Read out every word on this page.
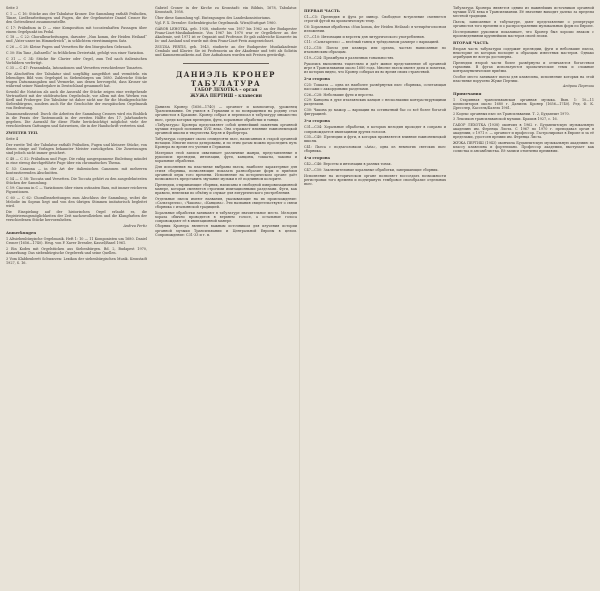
Seite 3

C 1 — C 16: Stücke aus der Tabulatur Kroner. Die Sammlung enthält Präludien, Tänze, Liedbearbeitungen und Fugen, die der Orgelmeister Daniel Croner für den Gottesdienst zusammenstellte.

C 17: Präludium in D — eine Komposition mit toccatenhaften Passagen über einem Orgelpunkt im Pedal.

C 18 — C 22: Choralbearbeitungen, darunter „Nun komm, der Heiden Heiland“ und „Vater unser im Himmelreich“, in schlichtem vierstimmigem Satz.

C 26 — C 28: Kleine Fugen und Versetten für den liturgischen Gebrauch.

C 30: Ein Tanz „Saltarello“ in fröhlichem Dreiertakt, gefolgt von einer Variation.

C 31 — C 34: Stücke für Clavier oder Orgel, zum Teil nach italienischen Vorbildern verfertigt.

C 35 — C 47: Praeambula, Intonationen und Versetten verschiedener Tonarten.

Die Abschriften der Tabulatur sind sorgfältig ausgeführt und vermitteln ein lebendiges Bild vom Orgelspiel in Siebenbürgen um 1680. Zahlreiche Stücke tragen Datumsangaben und Vermerke, aus denen hervorgeht, dass Kroner sie während seiner Wanderjahre in Deutschland gesammelt hat.

Sowohl die Notation als auch die Auswahl der Stücke zeigen eine weitgehende Vertrautheit mit der süddeutschen Orgelschule, vor allem mit den Werken von Kerll und Froberger. Die Tabulatur ist daher nicht nur für die Musikgeschichte Siebenbürgens, sondern auch für die Geschichte der europäischen Orgelmusik von Bedeutung.

Zusammenfassend: Durch die Arbeiten der Sammlung Croners wird ein Einblick in die Praxis der Tastenmusik in der zweiten Hälfte des 17. Jahrhunderts gegeben. Die Auswahl für diese Platte berücksichtigt möglichst viele der verschiedenen Gattungen und Satzweisen, die in der Handschrift vertreten sind.

ZWEITER TEIL

Seite 4

Der zweite Teil der Tabulatur enthält Präludien, Fugen und kleinere Stücke, von denen einige auf Vorlagen bekannter Meister zurückgehen. Die Zuweisungen sind jedoch nicht immer gesichert.

C 48 — C 52: Präludium und Fuge. Die ruhig ausgesponnene Einleitung mündet in eine streng durchgeführte Fuge über ein chromatisches Thema.

C 53: Canzona — in der Art der italienischen Canzonen mit mehreren kontrastierenden Abschnitten.

C 54 — C 58: Toccata und Versetten. Die Toccata gehört zu den ausgedehntesten Stücken der Sammlung.

C 59: Ciacona in C — Variationen über einen ostinaten Bass, mit immer reicheren Figurationen.

C 60 — C 62: Choralbearbeitungen zum Abschluss der Sammlung, wobei die Melodie im Sopran liegt und von den übrigen Stimmen imitatorisch begleitet wird.

Die Einspielung auf der historischen Orgel erlaubt es, die Registrierungsmöglichkeiten der Zeit nachzuvollziehen und die Klangfarben der verschiedenen Stücke hervorzuheben.

Andrea Pertiz

Anmerkungen

1 Altsiebenbürgische Orgelmusik. Heft 1: 10 — 11 Komponisten um 1680. Daniel Croner (1656—1740). Hrsg. von F. Xaver Dressler, Kassel/Basel 1961.

2 Ein Kodex mit Orgelstücken aus Siebenbürgen. Bd. 2, Budapest 1970, Anmerkung: Das siebenbürgische Orgelwerk und seine Quellen.

3 Vom Klabbenbrett Schwarzen: Lexikon der siebenbürgischen Musik. Kronstadt 1927, S. 16.

Gabriel Croner in der Kirche zu Kronstadt: ein Bildnis, 1678, Tabulatur. Kronstadt, 1958.

Über diese Sammlung vgl. Eintragungen des Landeskonsistoriums.

Vgl. F. X. Dressler: Siebenbürgische Orgelmusik. Wien/Stuttgart 1960.

GÁBOR LEHOTKA, geb. 1938, studierte von 1957 bis 1962 an der Budapester Franz-Liszt-Musikakademie. Von 1967 bis 1970 war er Orgellehrer an der Akademie, seit 1971 ist er Organist und Professor. Er gab zahlreiche Konzerte im In- und Ausland und wurde mit dem Franz-Liszt-Preis ausgezeichnet.

ZSUZSA PERTIS, geb. 1943, studierte an der Budapester Musikakademie Cembalo und Klavier. Sie ist Professorin an der Akademie und tritt als Solistin und Kammermusikerin auf. Ihre Aufnahmen wurden mit Preisen gewürdigt.

ДАНИЭЛЬ КРОНЕР
ТАБУЛАТУРА
ГАБОР ЛЕХОТКА – орган
ЖУЖА ПЕРТИШ – клавесин

Даниэль Кронер (1656—1740) — органист и композитор, уроженец Трансильвании. Он учился в Германии и по возвращении на родину стал органистом в Брашове. Кронер собрал и переписал в табулатуру множество пьес, среди которых прелюдии, фуги, хоральные обработки и танцы.

«Табулатура» Кронера представляет собой ценнейший памятник органной музыки второй половины XVII века. Она отражает влияние южнонемецкой органной школы и творчества Керля и Фробергера.

Табулатура содержит около семидесяти пьес, написанных в старой органной нотации. Многие пьесы датированы, и по этим датам можно проследить путь Кронера во время его учения в Германии.

Материал этой записи охватывает различные жанры, представленные в рукописи: прелюдии, интонации, фуги, канцоны, токкаты, чаконы и хоральные обработки.

Для исполнения на пластинке выбраны пьесы, наиболее характерные для стиля сборника, позволяющие показать разнообразие форм и приёмов органной игры того времени. Исполнение на историческом органе даёт возможность представить звучание музыки в её подлинном колорите.

Прелюдии, открывающие сборник, написаны в свободной импровизационной манере, которая сменяется строгими имитационными разделами. Фуги, как правило, невелики по объёму и служат для литургического употребления.

Отдельные пьесы имеют названия, указывающие на их происхождение: «Сальтарелло», «Чакона», «Канцона». Эти названия свидетельствуют о связи сборника с итальянской традицией.

Хоральные обработки занимают в табулатуре значительное место. Мелодия хорала обычно проводится в верхнем голосе, а остальные голоса сопровождают её в имитационной манере.

Сборник Кронера является важным источником для изучения истории органной музыки Трансильвании и Центральной Европы в целом. Сопровождение: С31-33 и т. п.

ПЕРВАЯ ЧАСТЬ

С1—С5: Прелюдия и фуга ре минор. Свободное вступление сменяется строгой фугой на хроматическую тему.

С6: Хоральная обработка «Nun komm, der Heiden Heiland» в четырёхголосном изложении.

С7—С10: Интонации и версеты для литургического употребления.

С11: «Сальтарелло» — весёлый танец в трёхдольном размере с вариацией.

С12—С18: Пьесы для клавира или органа, частью написанные по итальянским образцам.

С19—С24: Преамбулы в различных тональностях.

Рукопись выполнена тщательно и даёт живое представление об органной игре в Трансильвании около 1680 года. Многие пьесы имеют даты и пометки, из которых видно, что Кронер собирал их во время своих странствий.

2-я сторона

С25: Токката — одна из наиболее развёрнутых пьес сборника, сочетающая пассажи с аккордовыми разделами.

С26—С28: Небольшие фуги и версеты.

С29: Канцона в духе итальянских канцон с несколькими контрастирующими разделами.

С30: Чакона до мажор — вариации на остинатный бас со всё более богатой фигурацией.

3-я сторона

С31—С34: Хоральные обработки, в которых мелодия проходит в сопрано и сопровождается имитациями других голосов.

С35—С40: Прелюдии и фуги, в которых проявляется влияние южнонемецкой школы.

С41: Пьеса с подзаголовком «Aria», одна из немногих светских пьес сборника.

4-я сторона

С42—С46: Версеты и интонации в разных тонах.

С47—С50: Заключительные хоральные обработки, завершающие сборник.

Исполнение на историческом органе позволяет воссоздать возможности регистровки того времени и подчеркнуть тембровое своеобразие отдельных пьес.

Табулатура Кронера является одним из важнейших источников органной музыки XVII века в Трансильвании. Её значение выходит далеко за пределы местной традиции.

Пьесы, записанные в табулатуре, дают представление о репертуаре органистов того времени и о распространении музыкальных форм по Европе.

Исследование рукописи показывает, что Кронер был хорошо знаком с произведениями крупнейших мастеров своей эпохи.

ВТОРАЯ ЧАСТЬ

Вторая часть табулатуры содержит прелюдии, фуги и небольшие пьесы, некоторые из которых восходят к образцам известных мастеров. Однако атрибуция не всегда достоверна.

Прелюдии второй части более развёрнуты и отличаются богатством гармонии. В фугах используются хроматические темы и сложные контрапунктические приёмы.

Особое место занимают пьесы для клавесина, исполнение которых на этой пластинке поручено Жуже Пертиш.

Андраш Пертиш

Примечания

1 Старинная трансильванская органная музыка. Вып. 1: 10—11 композиторов около 1680 г. Даниэль Кронер (1656—1740). Ред. Ф. К. Дресслер, Кассель/Базель 1961.

2 Кодекс органных пьес из Трансильвании. Т. 2, Будапешт 1970.

3 Лексикон трансильванской музыки. Брашов 1927, с. 16.

ГАБОР ЛЕХОТКА (1938) окончил в 1962 г. Будапештскую музыкальную академию им. Ференца Листа. С 1967 по 1970 г. преподавал орган в академии, с 1971 г. — органист и профессор. Гастролировал в Европе и за её пределами, удостоен премии им. Ференца Листа.

ЖУЖА ПЕРТИШ (1943) окончила Будапештскую музыкальную академию по классу клавесина и фортепиано. Профессор академии, выступает как солистка и ансамблистка. Её записи отмечены премиями.
